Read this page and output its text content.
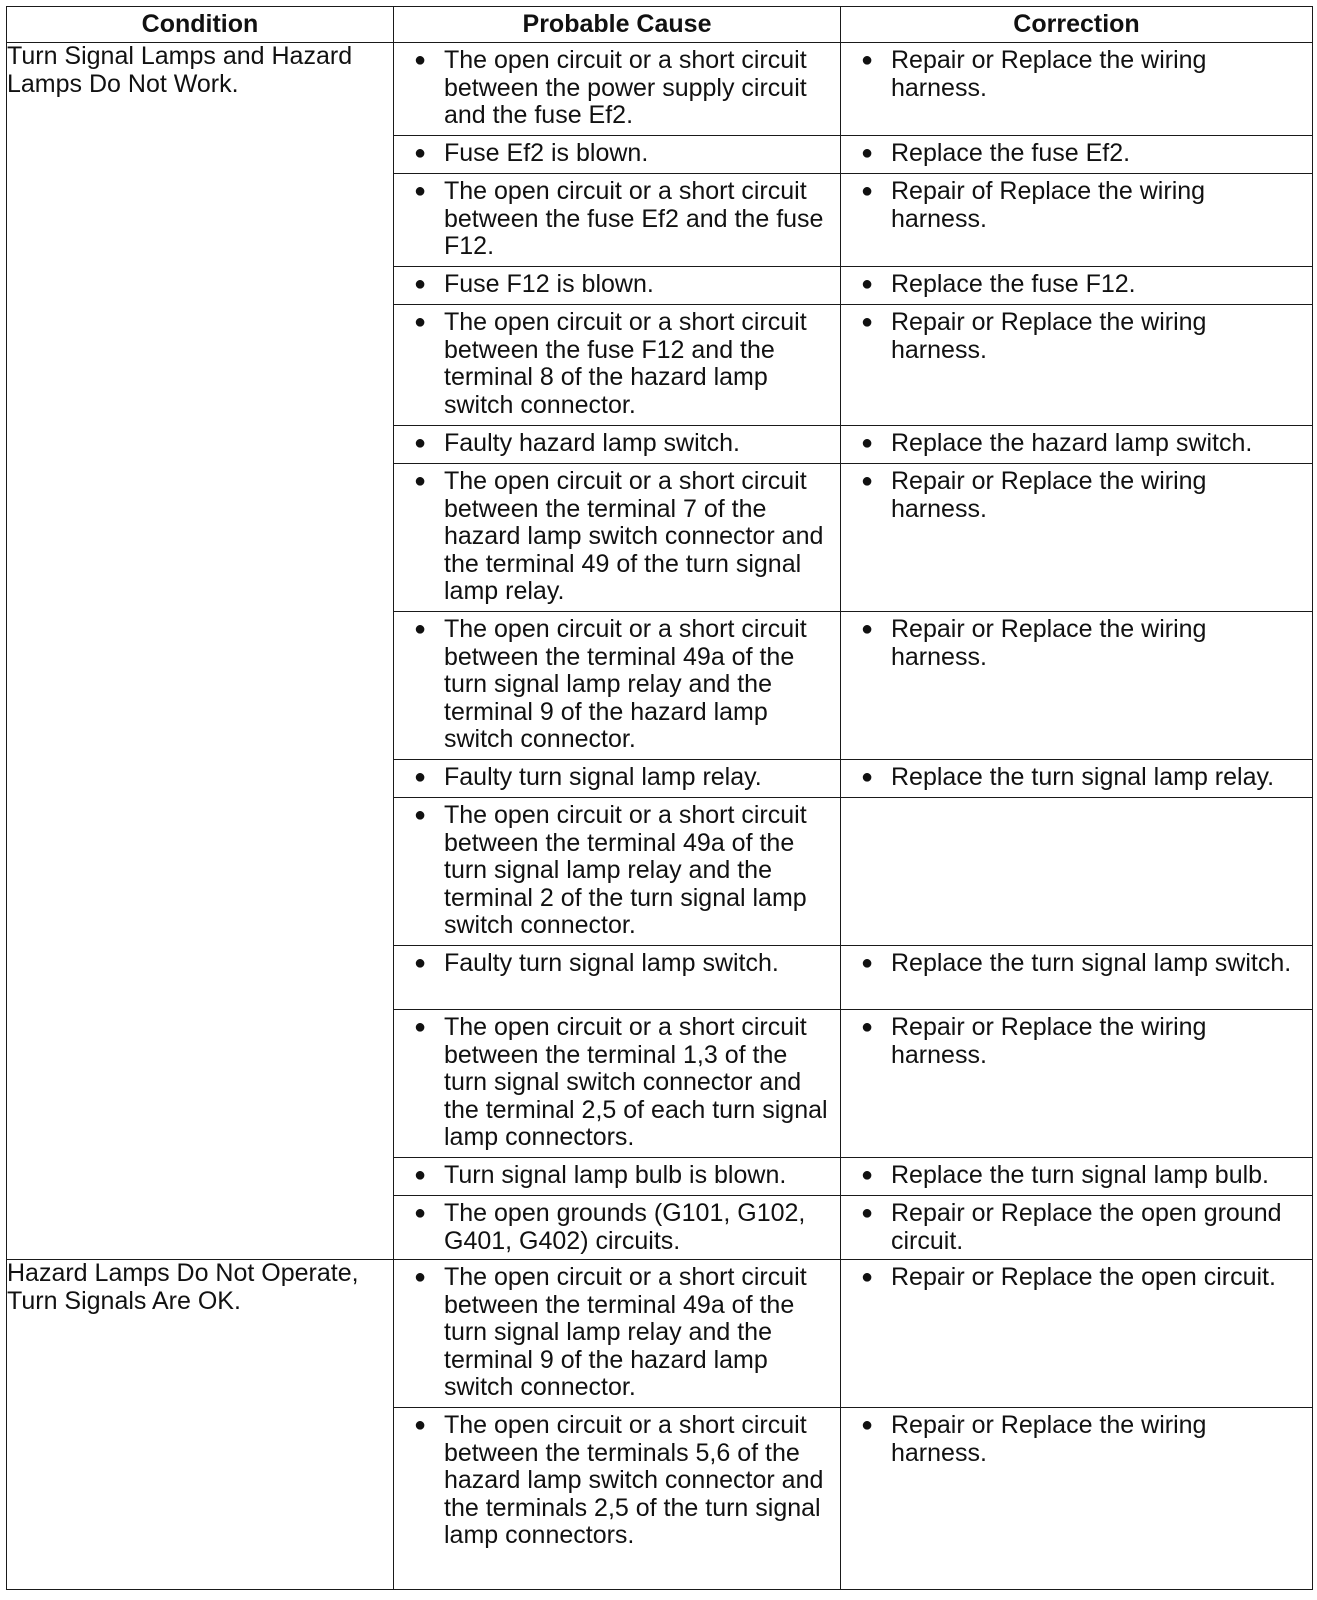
Condition	Probable Cause	Correction
Turn Signal Lamps and Hazard Lamps Do Not Work.	● The open circuit or a short circuit between the power supply circuit and the fuse Ef2.	● Repair or Replace the wiring harness.

	● Fuse Ef2 is blown.	● Replace the fuse Ef2.

	● The open circuit or a short circuit between the fuse Ef2 and the fuse F12.	● Repair of Replace the wiring harness.

	● Fuse F12 is blown.	● Replace the fuse F12.

	● The open circuit or a short circuit between the fuse F12 and the terminal 8 of the hazard lamp switch connector.	● Repair or Replace the wiring harness.

	● Faulty hazard lamp switch.	● Replace the hazard lamp switch.

	● The open circuit or a short circuit between the terminal 7 of the hazard lamp switch connector and the terminal 49 of the turn signal lamp relay.	● Repair or Replace the wiring harness.

	● The open circuit or a short circuit between the terminal 49a of the turn signal lamp relay and the terminal 9 of the hazard lamp switch connector.	● Repair or Replace the wiring harness.

	● Faulty turn signal lamp relay.	● Replace the turn signal lamp relay.

	● The open circuit or a short circuit between the terminal 49a of the turn signal lamp relay and the terminal 2 of the turn signal lamp switch connector.	

	● Faulty turn signal lamp switch.	● Replace the turn signal lamp switch.

	● The open circuit or a short circuit between the terminal 1,3 of the turn signal switch connector and the terminal 2,5 of each turn signal lamp connectors.	● Repair or Replace the wiring harness.

	● Turn signal lamp bulb is blown.	● Replace the turn signal lamp bulb.

	● The open grounds (G101, G102, G401, G402) circuits.	● Repair or Replace the open ground circuit.

Hazard Lamps Do Not Operate, Turn Signals Are OK.	● The open circuit or a short circuit between the terminal 49a of the turn signal lamp relay and the terminal 9 of the hazard lamp switch connector.	● Repair or Replace the open circuit.

	● The open circuit or a short circuit between the terminals 5,6 of the hazard lamp switch connector and the terminals 2,5 of the turn signal lamp connectors.	● Repair or Replace the wiring harness.
